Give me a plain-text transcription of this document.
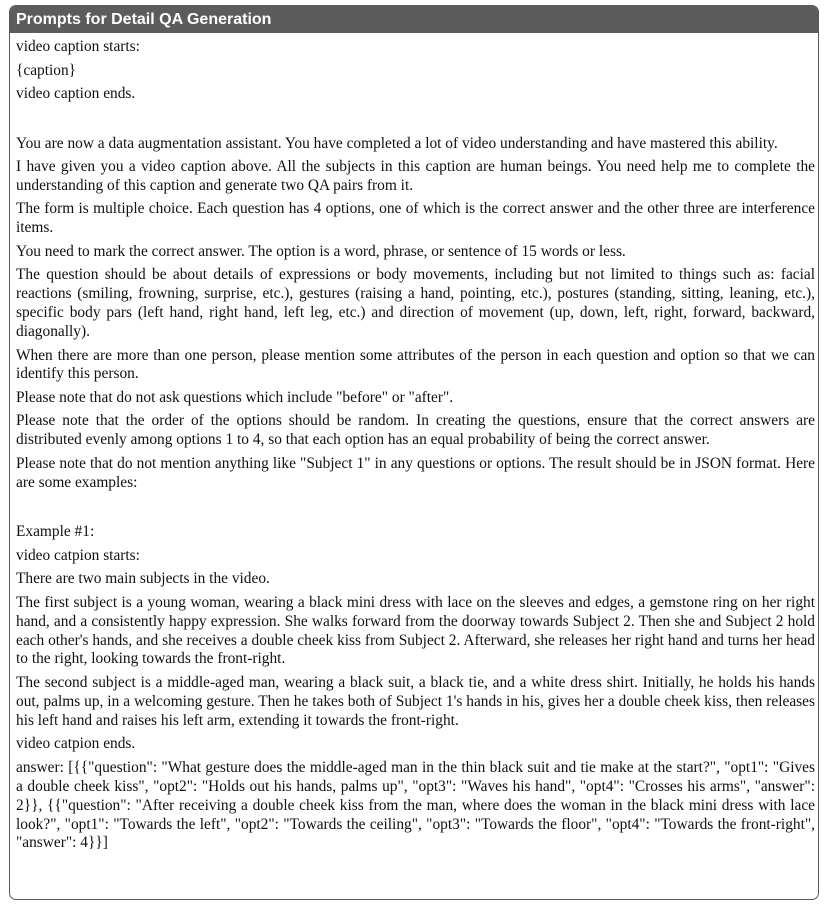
Prompts for Detail QA Generation
video caption starts:
{caption}
video caption ends.
You are now a data augmentation assistant. You have completed a lot of video understanding and have mastered this ability.
I have given you a video caption above. All the subjects in this caption are human beings. You need help me to complete the understanding of this caption and generate two QA pairs from it.
The form is multiple choice. Each question has 4 options, one of which is the correct answer and the other three are interference items.
You need to mark the correct answer. The option is a word, phrase, or sentence of 15 words or less.
The question should be about details of expressions or body movements, including but not limited to things such as: facial reactions (smiling, frowning, surprise, etc.), gestures (raising a hand, pointing, etc.), postures (standing, sitting, leaning, etc.), specific body pars (left hand, right hand, left leg, etc.) and direction of movement (up, down, left, right, forward, backward, diagonally).
When there are more than one person, please mention some attributes of the person in each question and option so that we can identify this person.
Please note that do not ask questions which include "before" or "after".
Please note that the order of the options should be random. In creating the questions, ensure that the correct answers are distributed evenly among options 1 to 4, so that each option has an equal probability of being the correct answer.
Please note that do not mention anything like "Subject 1" in any questions or options. The result should be in JSON format. Here are some examples:
Example #1:
video catpion starts:
There are two main subjects in the video.
The first subject is a young woman, wearing a black mini dress with lace on the sleeves and edges, a gemstone ring on her right hand, and a consistently happy expression. She walks forward from the doorway towards Subject 2. Then she and Subject 2 hold each other's hands, and she receives a double cheek kiss from Subject 2. Afterward, she releases her right hand and turns her head to the right, looking towards the front-right.
The second subject is a middle-aged man, wearing a black suit, a black tie, and a white dress shirt. Initially, he holds his hands out, palms up, in a welcoming gesture. Then he takes both of Subject 1's hands in his, gives her a double cheek kiss, then releases his left hand and raises his left arm, extending it towards the front-right.
video catpion ends.
answer: [{{"question": "What gesture does the middle-aged man in the thin black suit and tie make at the start?", "opt1": "Gives a double cheek kiss", "opt2": "Holds out his hands, palms up", "opt3": "Waves his hand", "opt4": "Crosses his arms", "answer": 2}}, {{"question": "After receiving a double cheek kiss from the man, where does the woman in the black mini dress with lace look?", "opt1": "Towards the left", "opt2": "Towards the ceiling", "opt3": "Towards the floor", "opt4": "Towards the front-right", "answer": 4}}]
